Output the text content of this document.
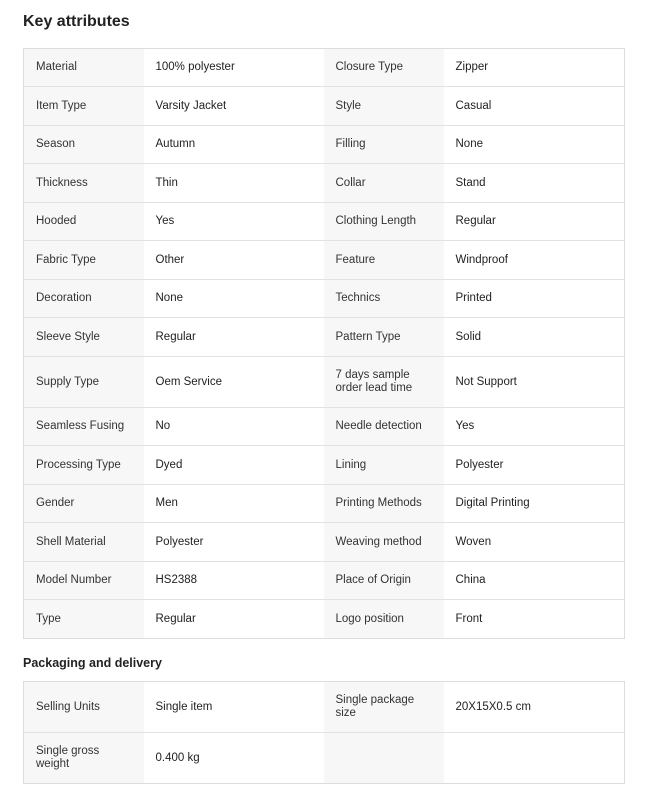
Key attributes
Material	100% polyester	Closure Type	Zipper
Item Type	Varsity Jacket	Style	Casual
Season	Autumn	Filling	None
Thickness	Thin	Collar	Stand
Hooded	Yes	Clothing Length	Regular
Fabric Type	Other	Feature	Windproof
Decoration	None	Technics	Printed
Sleeve Style	Regular	Pattern Type	Solid
Supply Type	Oem Service	7 days sample order lead time	Not Support
Seamless Fusing	No	Needle detection	Yes
Processing Type	Dyed	Lining	Polyester
Gender	Men	Printing Methods	Digital Printing
Shell Material	Polyester	Weaving method	Woven
Model Number	HS2388	Place of Origin	China
Type	Regular	Logo position	Front
Packaging and delivery
Selling Units	Single item	Single package size	20X15X0.5 cm
Single gross weight	0.400 kg		
